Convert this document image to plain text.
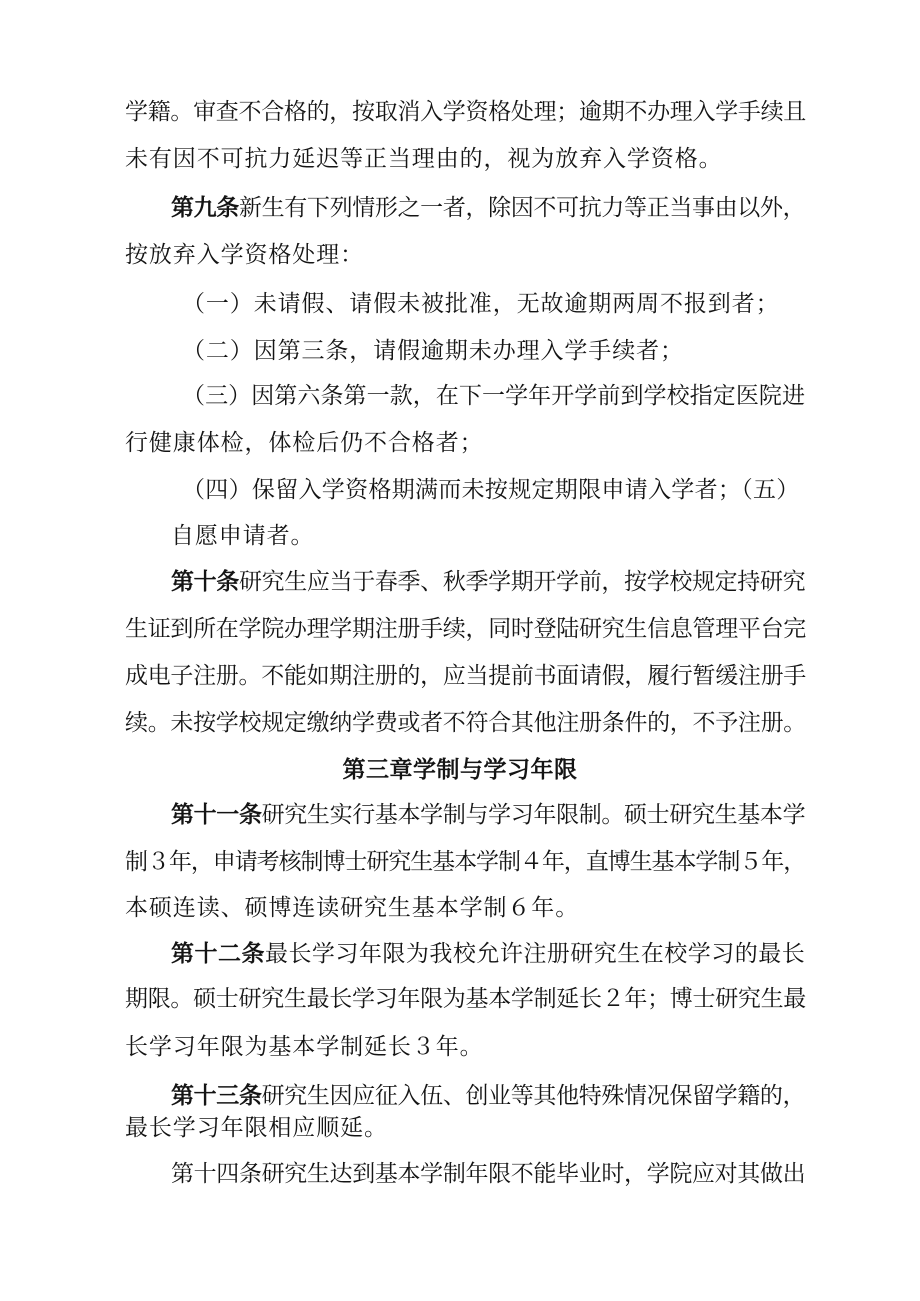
学籍。审查不合格的，按取消入学资格处理；逾期不办理入学手续且
未有因不可抗力延迟等正当理由的，视为放弃入学资格。
第九条新生有下列情形之一者，除因不可抗力等正当事由以外，
按放弃入学资格处理：
（一）未请假、请假未被批准，无故逾期两周不报到者；
（二）因第三条，请假逾期未办理入学手续者；
（三）因第六条第一款，在下一学年开学前到学校指定医院进
行健康体检，体检后仍不合格者；
（四）保留入学资格期满而未按规定期限申请入学者；（五）
自愿申请者。
第十条研究生应当于春季、秋季学期开学前，按学校规定持研究
生证到所在学院办理学期注册手续，同时登陆研究生信息管理平台完
成电子注册。不能如期注册的，应当提前书面请假，履行暂缓注册手
续。未按学校规定缴纳学费或者不符合其他注册条件的，不予注册。
第三章学制与学习年限
第十一条研究生实行基本学制与学习年限制。硕士研究生基本学
制３年，申请考核制博士研究生基本学制４年，直博生基本学制５年，
本硕连读、硕博连读研究生基本学制６年。
第十二条最长学习年限为我校允许注册研究生在校学习的最长
期限。硕士研究生最长学习年限为基本学制延长２年；博士研究生最
长学习年限为基本学制延长３年。
第十三条研究生因应征入伍、创业等其他特殊情况保留学籍的，
最长学习年限相应顺延。
第十四条研究生达到基本学制年限不能毕业时，学院应对其做出
